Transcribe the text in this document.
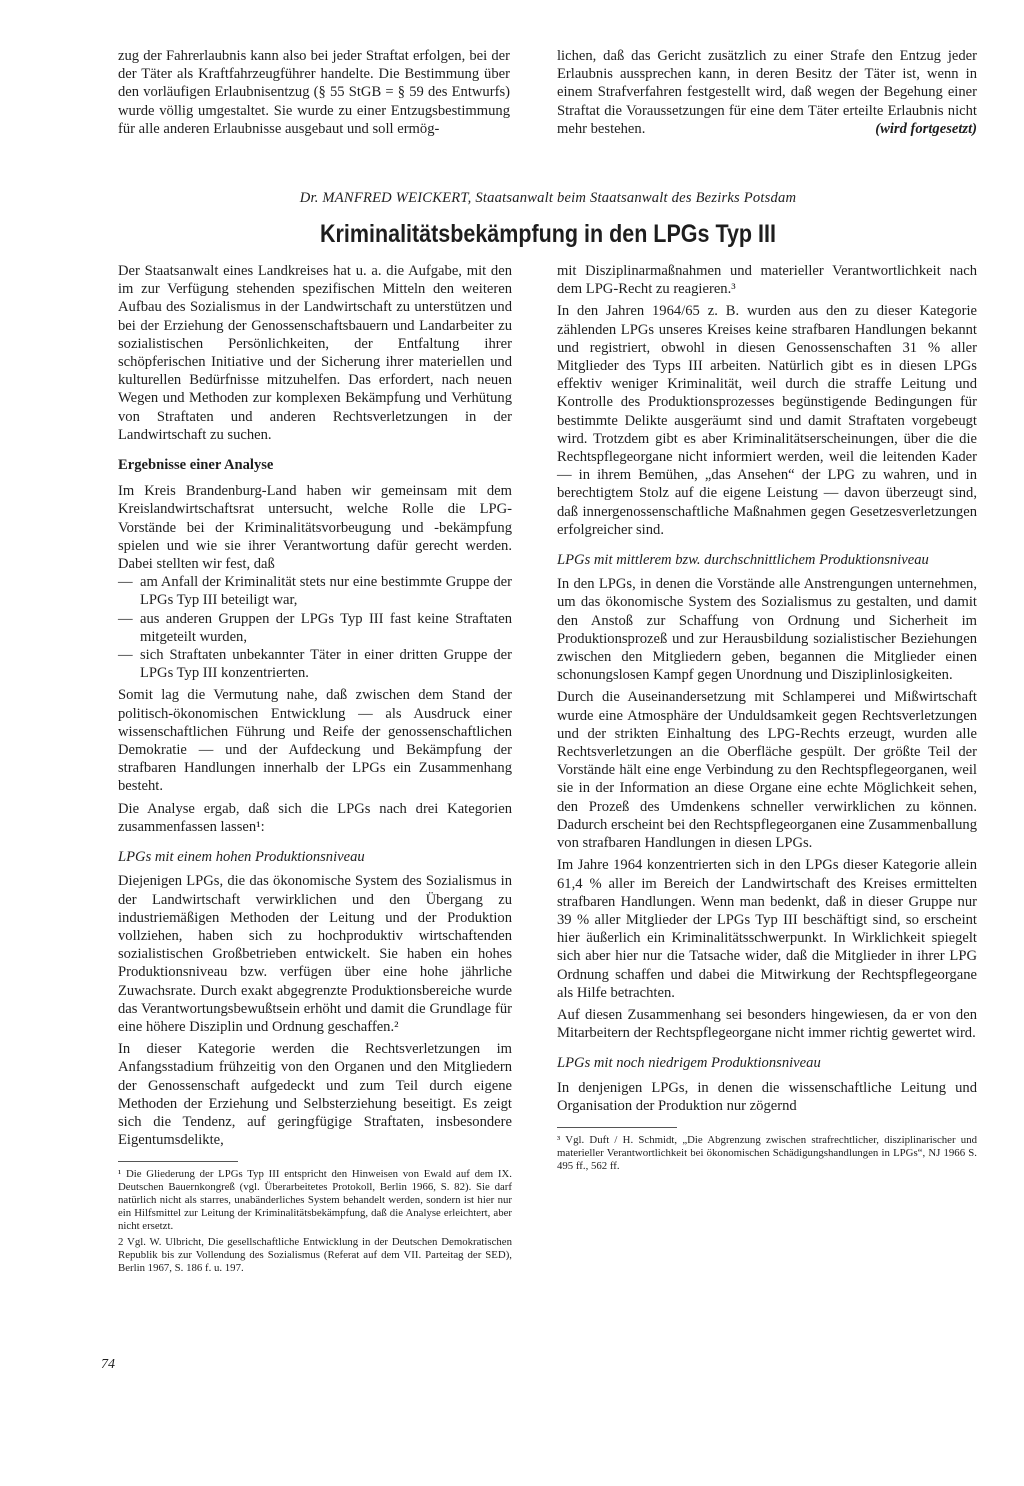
zug der Fahrerlaubnis kann also bei jeder Straftat erfolgen, bei der der Täter als Kraftfahrzeugführer handelte. Die Bestimmung über den vorläufigen Erlaubnisentzug (§ 55 StGB = § 59 des Entwurfs) wurde völlig umgestaltet. Sie wurde zu einer Entzugsbestimmung für alle anderen Erlaubnisse ausgebaut und soll ermög-

lichen, daß das Gericht zusätzlich zu einer Strafe den Entzug jeder Erlaubnis aussprechen kann, in deren Besitz der Täter ist, wenn in einem Strafverfahren festgestellt wird, daß wegen der Begehung einer Straftat die Voraussetzungen für eine dem Täter erteilte Erlaubnis nicht mehr bestehen.	(wird fortgesetzt)

Dr. MANFRED WEICKERT, Staatsanwalt beim Staatsanwalt des Bezirks Potsdam
Kriminalitätsbekämpfung in den LPGs Typ III

Der Staatsanwalt eines Landkreises hat u. a. die Aufgabe, mit den im zur Verfügung stehenden spezifischen Mitteln den weiteren Aufbau des Sozialismus in der Landwirtschaft zu unterstützen und bei der Erziehung der Genossenschaftsbauern und Landarbeiter zu sozialistischen Persönlichkeiten, der Entfaltung ihrer schöpferischen Initiative und der Sicherung ihrer materiellen und kulturellen Bedürfnisse mitzuhelfen. Das erfordert, nach neuen Wegen und Methoden zur komplexen Bekämpfung und Verhütung von Straftaten und anderen Rechtsverletzungen in der Landwirtschaft zu suchen.

Ergebnisse einer Analyse

Im Kreis Brandenburg-Land haben wir gemeinsam mit dem Kreislandwirtschaftsrat untersucht, welche Rolle die LPG-Vorstände bei der Kriminalitätsvorbeugung und -bekämpfung spielen und wie sie ihrer Verantwortung dafür gerecht werden. Dabei stellten wir fest, daß

— am Anfall der Kriminalität stets nur eine bestimmte Gruppe der LPGs Typ III beteiligt war,
— aus anderen Gruppen der LPGs Typ III fast keine Straftaten mitgeteilt wurden,
— sich Straftaten unbekannter Täter in einer dritten Gruppe der LPGs Typ III konzentrierten.

Somit lag die Vermutung nahe, daß zwischen dem Stand der politisch-ökonomischen Entwicklung — als Ausdruck einer wissenschaftlichen Führung und Reife der genossenschaftlichen Demokratie — und der Aufdeckung und Bekämpfung der strafbaren Handlungen innerhalb der LPGs ein Zusammenhang besteht.

Die Analyse ergab, daß sich die LPGs nach drei Kategorien zusammenfassen lassen¹:

LPGs mit einem hohen Produktionsniveau

Diejenigen LPGs, die das ökonomische System des Sozialismus in der Landwirtschaft verwirklichen und den Übergang zu industriemäßigen Methoden der Leitung und der Produktion vollziehen, haben sich zu hochproduktiv wirtschaftenden sozialistischen Großbetrieben entwickelt. Sie haben ein hohes Produktionsniveau bzw. verfügen über eine hohe jährliche Zuwachsrate. Durch exakt abgegrenzte Produktionsbereiche wurde das Verantwortungsbewußtsein erhöht und damit die Grundlage für eine höhere Disziplin und Ordnung geschaffen.²

In dieser Kategorie werden die Rechtsverletzungen im Anfangsstadium frühzeitig von den Organen und den Mitgliedern der Genossenschaft aufgedeckt und zum Teil durch eigene Methoden der Erziehung und Selbsterziehung beseitigt. Es zeigt sich die Tendenz, auf geringfügige Straftaten, insbesondere Eigentumsdelikte,

¹ Die Gliederung der LPGs Typ III entspricht den Hinweisen von Ewald auf dem IX. Deutschen Bauernkongreß (vgl. Überarbeitetes Protokoll, Berlin 1966, S. 82). Sie darf natürlich nicht als starres, unabänderliches System behandelt werden, sondern ist hier nur ein Hilfsmittel zur Leitung der Kriminalitätsbekämpfung, daß die Analyse erleichtert, aber nicht ersetzt.

2 Vgl. W. Ulbricht, Die gesellschaftliche Entwicklung in der Deutschen Demokratischen Republik bis zur Vollendung des Sozialismus (Referat auf dem VII. Parteitag der SED), Berlin 1967, S. 186 f. u. 197.

mit Disziplinarmaßnahmen und materieller Verantwortlichkeit nach dem LPG-Recht zu reagieren.³

In den Jahren 1964/65 z. B. wurden aus den zu dieser Kategorie zählenden LPGs unseres Kreises keine strafbaren Handlungen bekannt und registriert, obwohl in diesen Genossenschaften 31 % aller Mitglieder des Typs III arbeiten. Natürlich gibt es in diesen LPGs effektiv weniger Kriminalität, weil durch die straffe Leitung und Kontrolle des Produktionsprozesses begünstigende Bedingungen für bestimmte Delikte ausgeräumt sind und damit Straftaten vorgebeugt wird. Trotzdem gibt es aber Kriminalitätserscheinungen, über die die Rechtspflegeorgane nicht informiert werden, weil die leitenden Kader — in ihrem Bemühen, „das Ansehen“ der LPG zu wahren, und in berechtigtem Stolz auf die eigene Leistung — davon überzeugt sind, daß innergenossenschaftliche Maßnahmen gegen Gesetzesverletzungen erfolgreicher sind.

LPGs mit mittlerem bzw. durchschnittlichem Produktionsniveau

In den LPGs, in denen die Vorstände alle Anstrengungen unternehmen, um das ökonomische System des Sozialismus zu gestalten, und damit den Anstoß zur Schaffung von Ordnung und Sicherheit im Produktionsprozeß und zur Herausbildung sozialistischer Beziehungen zwischen den Mitgliedern geben, begannen die Mitglieder einen schonungslosen Kampf gegen Unordnung und Disziplinlosigkeiten.

Durch die Auseinandersetzung mit Schlamperei und Mißwirtschaft wurde eine Atmosphäre der Unduldsamkeit gegen Rechtsverletzungen und der strikten Einhaltung des LPG-Rechts erzeugt, wurden alle Rechtsverletzungen an die Oberfläche gespült. Der größte Teil der Vorstände hält eine enge Verbindung zu den Rechtspflegeorganen, weil sie in der Information an diese Organe eine echte Möglichkeit sehen, den Prozeß des Umdenkens schneller verwirklichen zu können. Dadurch erscheint bei den Rechtspflegeorganen eine Zusammenballung von strafbaren Handlungen in diesen LPGs.

Im Jahre 1964 konzentrierten sich in den LPGs dieser Kategorie allein 61,4 % aller im Bereich der Landwirtschaft des Kreises ermittelten strafbaren Handlungen. Wenn man bedenkt, daß in dieser Gruppe nur 39 % aller Mitglieder der LPGs Typ III beschäftigt sind, so erscheint hier äußerlich ein Kriminalitätsschwerpunkt. In Wirklichkeit spiegelt sich aber hier nur die Tatsache wider, daß die Mitglieder in ihrer LPG Ordnung schaffen und dabei die Mitwirkung der Rechtspflegeorgane als Hilfe betrachten.

Auf diesen Zusammenhang sei besonders hingewiesen, da er von den Mitarbeitern der Rechtspflegeorgane nicht immer richtig gewertet wird.

LPGs mit noch niedrigem Produktionsniveau

In denjenigen LPGs, in denen die wissenschaftliche Leitung und Organisation der Produktion nur zögernd

³ Vgl. Duft / H. Schmidt, „Die Abgrenzung zwischen strafrechtlicher, disziplinarischer und materieller Verantwortlichkeit bei ökonomischen Schädigungshandlungen in LPGs“, NJ 1966 S. 495 ff., 562 ff.

74
